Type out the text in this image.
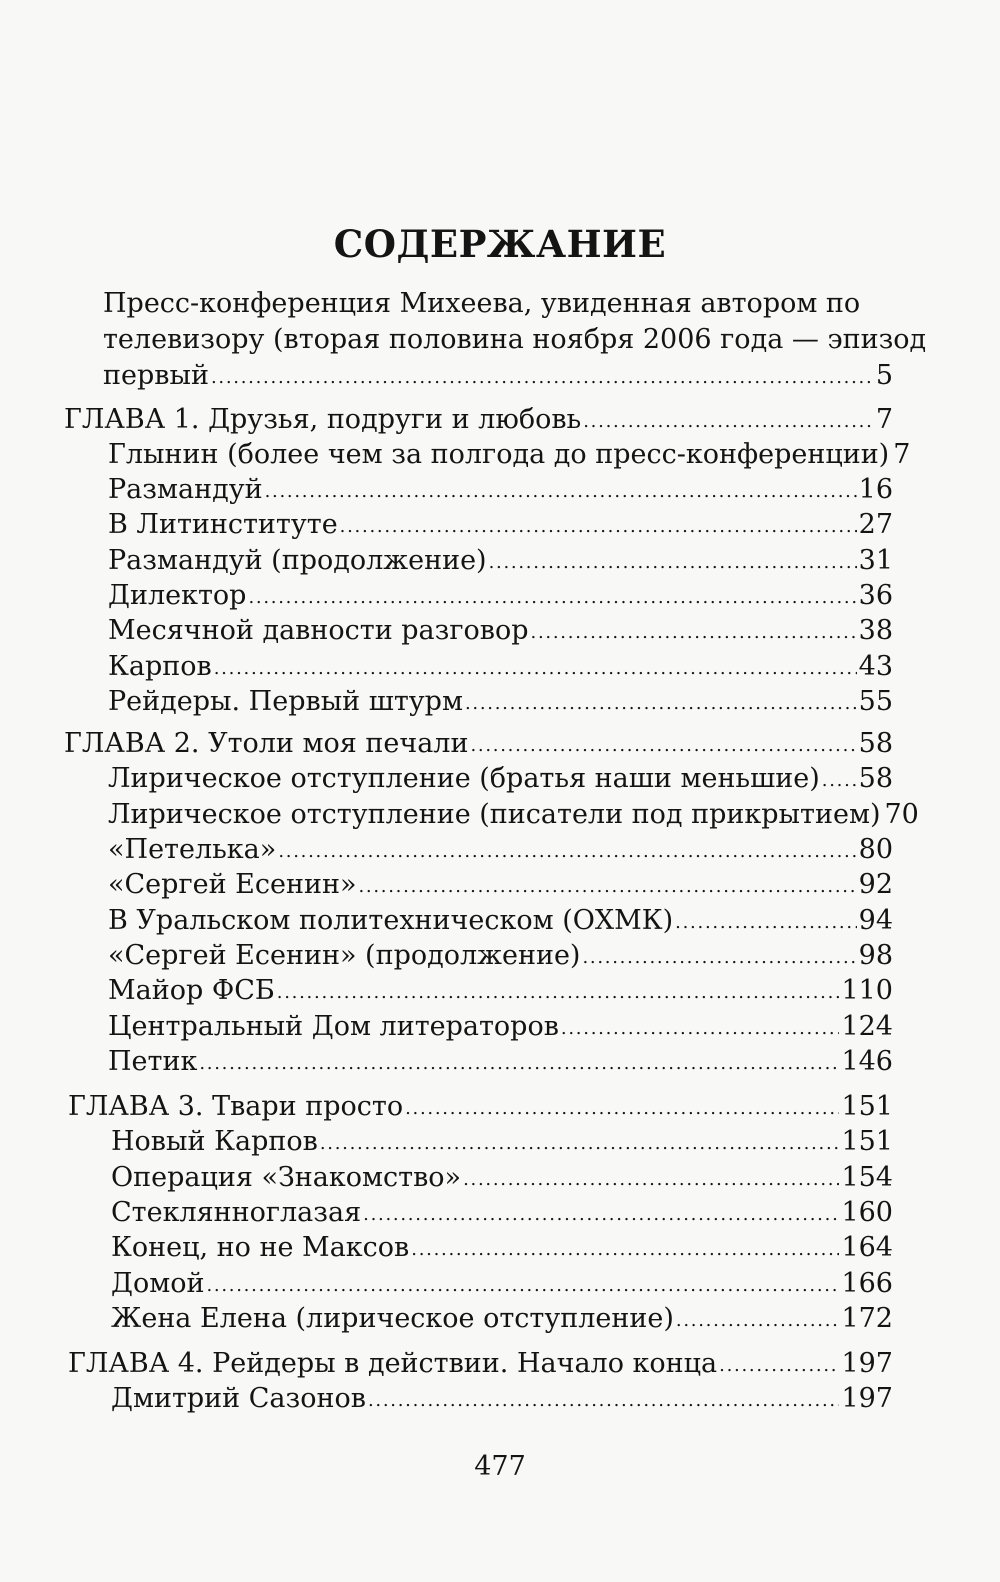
СОДЕРЖАНИЕ
Пресс-конференция Михеева, увиденная автором по
телевизору (вторая половина ноября 2006 года — эпизод
первый . . .	5
ГЛАВА 1. Друзья, подруги и любовь . . .	7
Глынин (более чем за полгода до пресс-конференции) 7
Размандуй . . .	16
В Литинституте . . .	27
Размандуй (продолжение) . . .	31
Дилектор . . .	36
Месячной давности разговор . . .	38
Карпов . . .	43
Рейдеры. Первый штурм . . .	55
ГЛАВА 2. Утоли моя печали . . .	58
Лирическое отступление (братья наши меньшие) . . . 58
Лирическое отступление (писатели под прикрытием) 70
«Петелька» . . .	80
«Сергей Есенин» . . .	92
В Уральском политехническом (ОХМК) . . .	94
«Сергей Есенин» (продолжение) . . .	98
Майор ФСБ . . .	110
Центральный Дом литераторов . . .	124
Петик . . .	146
ГЛАВА 3. Твари просто . . .	151
Новый Карпов . . .	151
Операция «Знакомство» . . .	154
Стеклянноглазая . . .	160
Конец, но не Максов . . .	164
Домой . . .	166
Жена Елена (лирическое отступление) . . .	172
ГЛАВА 4. Рейдеры в действии. Начало конца . . .	197
Дмитрий Сазонов . . .	197
477
